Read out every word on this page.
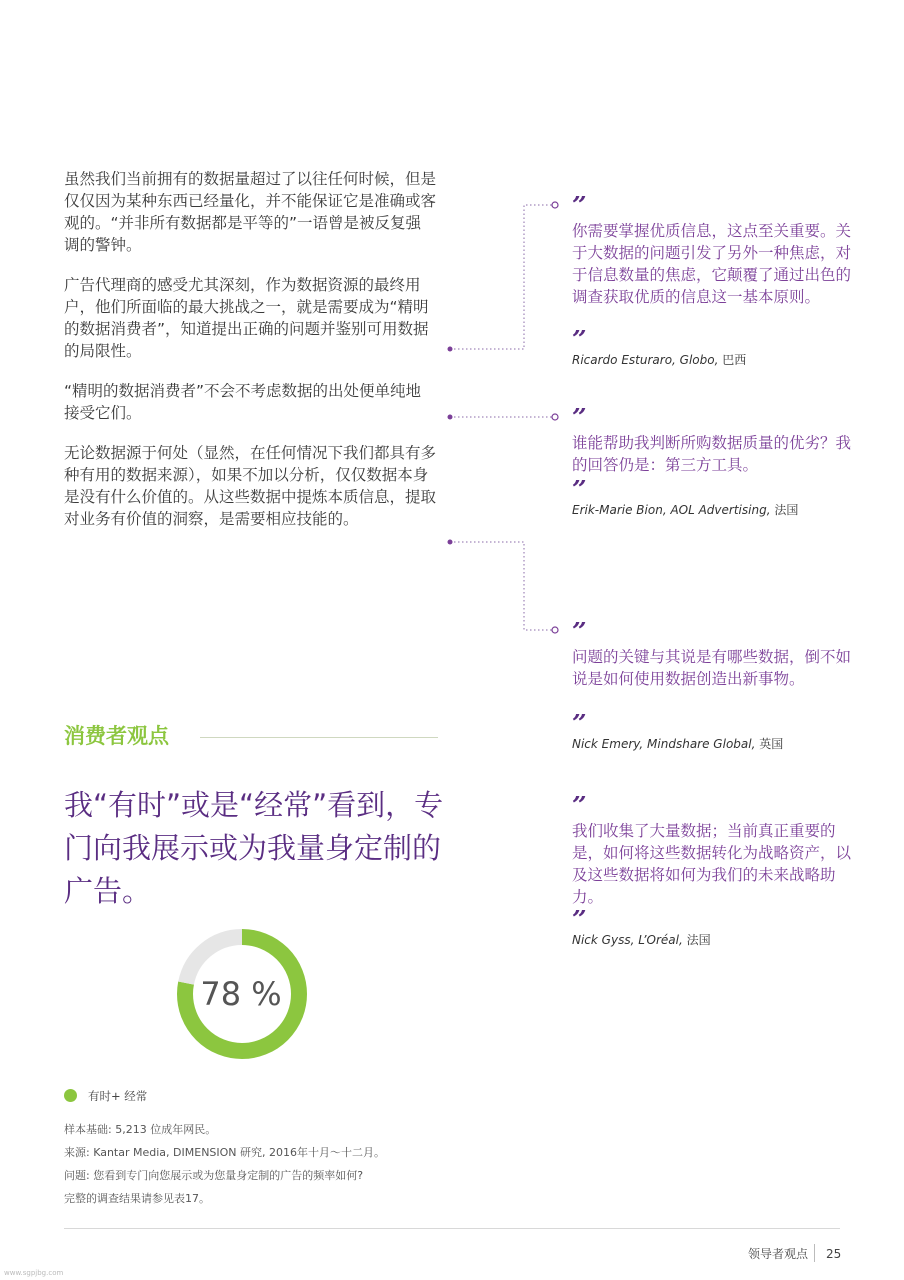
虽然我们当前拥有的数据量超过了以往任何时候，但是仅仅因为某种东西已经量化，并不能保证它是准确或客观的。“并非所有数据都是平等的”一语曾是被反复强调的警钟。

广告代理商的感受尤其深刻，作为数据资源的最终用户，他们所面临的最大挑战之一，就是需要成为“精明的数据消费者”，知道提出正确的问题并鉴别可用数据的局限性。

“精明的数据消费者”不会不考虑数据的出处便单纯地接受它们。

无论数据源于何处（显然，在任何情况下我们都具有多种有用的数据来源），如果不加以分析，仅仅数据本身是没有什么价值的。从这些数据中提炼本质信息，提取对业务有价值的洞察，是需要相应技能的。

”

你需要掌握优质信息，这点至关重要。关于大数据的问题引发了另外一种焦虑，对于信息数量的焦虑，它颠覆了通过出色的调查获取优质的信息这一基本原则。

”
Ricardo Esturaro, Globo, 巴西
”

谁能帮助我判断所购数据质量的优劣？我的回答仍是：第三方工具。

”
Erik-Marie Bion, AOL Advertising, 法国
”

问题的关键与其说是有哪些数据，倒不如说是如何使用数据创造出新事物。

”
Nick Emery, Mindshare Global, 英国
”

我们收集了大量数据；当前真正重要的是，如何将这些数据转化为战略资产，以及这些数据将如何为我们的未来战略助力。

”
Nick Gyss, L’Oréal, 法国
消费者观点

我“有时”或是“经常”看到，专门向我展示或为我量身定制的广告。

78 %
有时+ 经常
样本基础: 5,213 位成年网民。
来源: Kantar Media, DIMENSION 研究, 2016年十月～十二月。
问题: 您看到专门向您展示或为您量身定制的广告的频率如何?
完整的调查结果请参见表17。
领导者观点 25
www.sgpjbg.com
